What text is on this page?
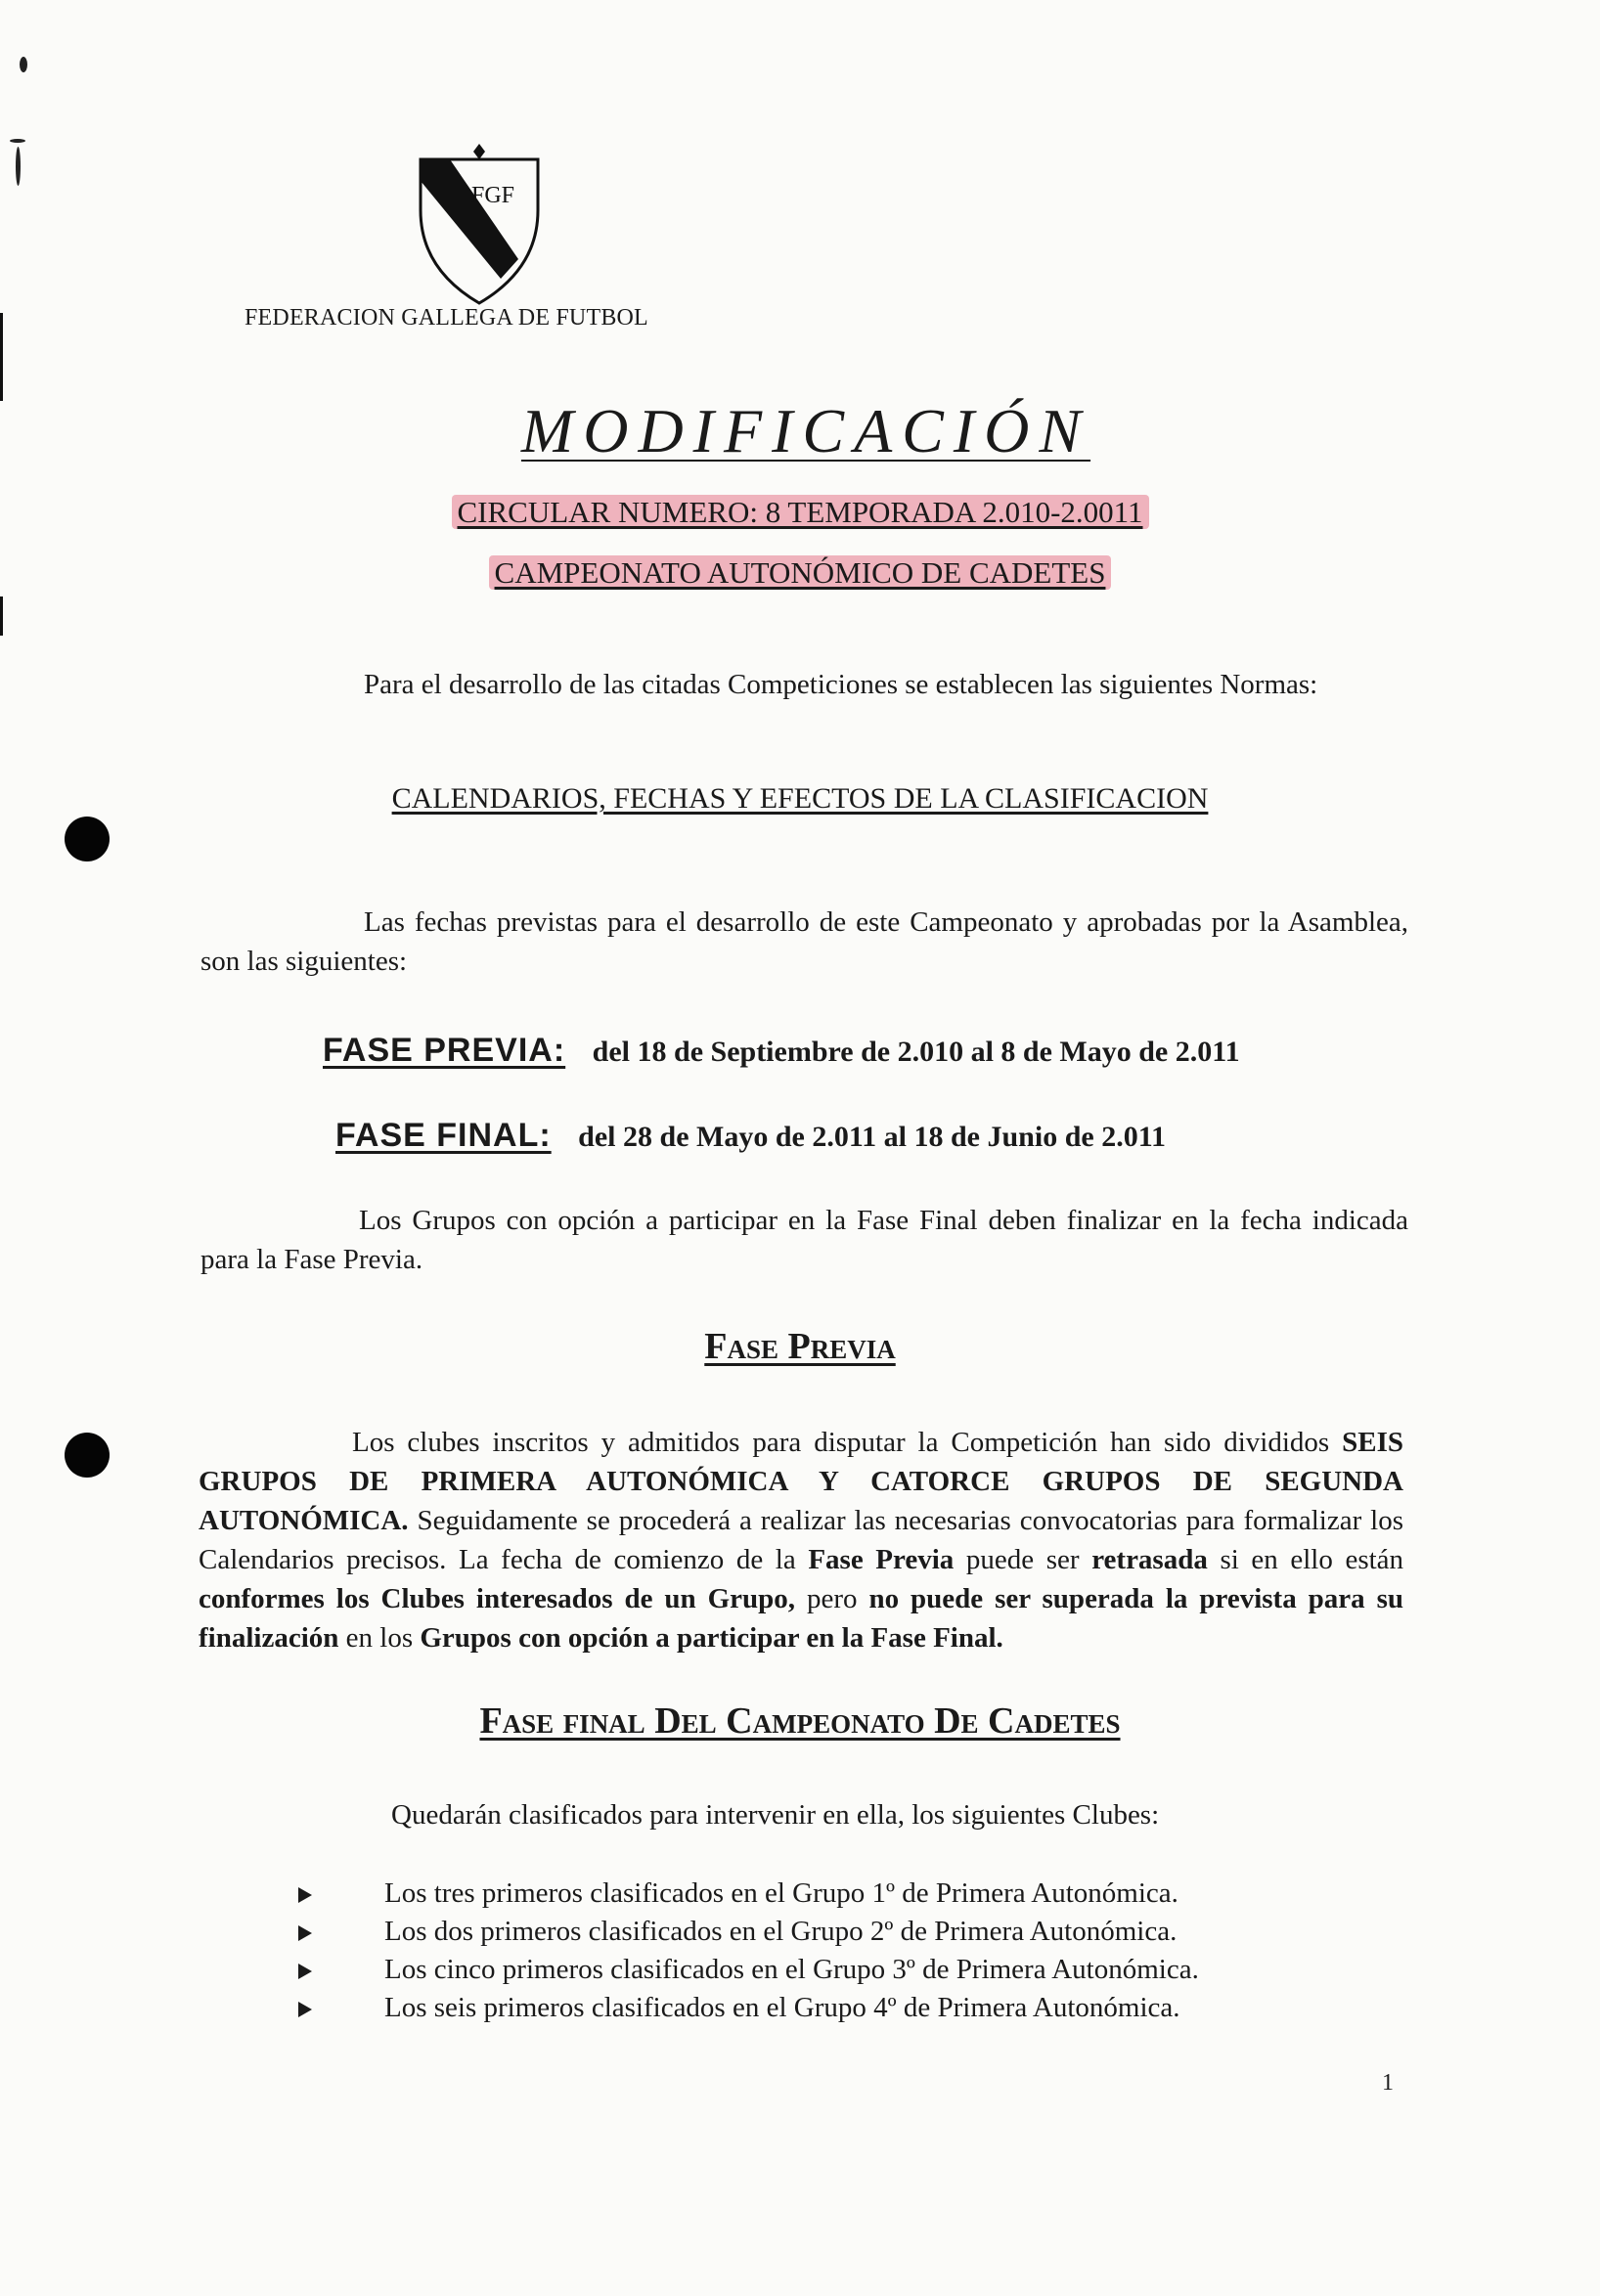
FGF
FEDERACION GALLEGA DE FUTBOL
MODIFICACIÓN
CIRCULAR NUMERO: 8 TEMPORADA 2.010-2.0011
CAMPEONATO AUTONÓMICO DE CADETES
Para el desarrollo de las citadas Competiciones se establecen las siguientes Normas:
CALENDARIOS, FECHAS Y EFECTOS DE LA CLASIFICACION
Las fechas previstas para el desarrollo de este Campeonato y aprobadas por la Asamblea, son las siguientes:
FASE PREVIA: del 18 de Septiembre de 2.010 al 8 de Mayo de 2.011
FASE FINAL: del 28 de Mayo de 2.011 al 18 de Junio de 2.011
Los Grupos con opción a participar en la Fase Final deben finalizar en la fecha indicada para la Fase Previa.
Fase Previa
Los clubes inscritos y admitidos para disputar la Competición han sido divididos SEIS GRUPOS DE PRIMERA AUTONÓMICA Y CATORCE GRUPOS DE SEGUNDA AUTONÓMICA. Seguidamente se procederá a realizar las necesarias convocatorias para formalizar los Calendarios precisos. La fecha de comienzo de la Fase Previa puede ser retrasada si en ello están conformes los Clubes interesados de un Grupo, pero no puede ser superada la prevista para su finalización en los Grupos con opción a participar en la Fase Final.
Fase final Del Campeonato De Cadetes
Quedarán clasificados para intervenir en ella, los siguientes Clubes:
Los tres primeros clasificados en el Grupo 1º de Primera Autonómica.
Los dos primeros clasificados en el Grupo 2º de Primera Autonómica.
Los cinco primeros clasificados en el Grupo 3º de Primera Autonómica.
Los seis primeros clasificados en el Grupo 4º de Primera Autonómica.
1
